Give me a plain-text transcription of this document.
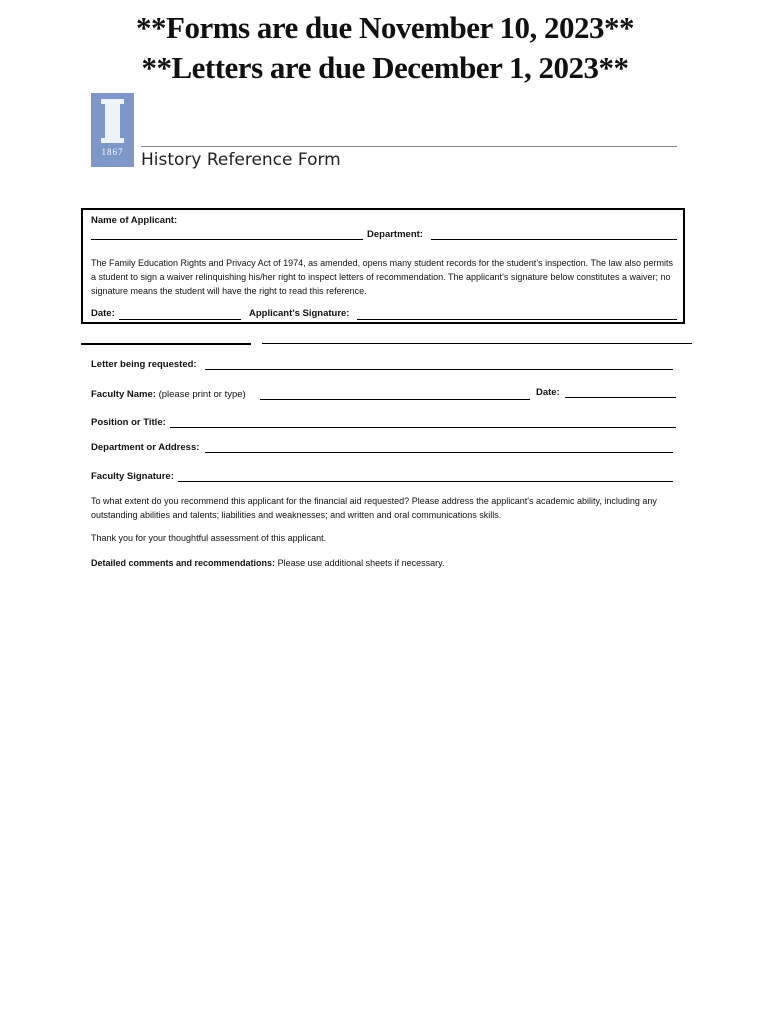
**Forms are due November 10, 2023**
**Letters are due December 1, 2023**
1867	History Reference Form
Name of Applicant:
Department:
The Family Education Rights and Privacy Act of 1974, as amended, opens many student records for the student’s inspection. The law also permits a student to sign a waiver relinquishing his/her right to inspect letters of recommendation. The applicant’s signature below constitutes a waiver; no signature means the student will have the right to read this reference.
Date:	Applicant’s Signature:
Letter being requested:
Faculty Name: (please print or type)	Date:
Position or Title:
Department or Address:
Faculty Signature:
To what extent do you recommend this applicant for the financial aid requested? Please address the applicant's academic ability, including any outstanding abilities and talents; liabilities and weaknesses; and written and oral communications skills.
Thank you for your thoughtful assessment of this applicant.
Detailed comments and recommendations: Please use additional sheets if necessary.
